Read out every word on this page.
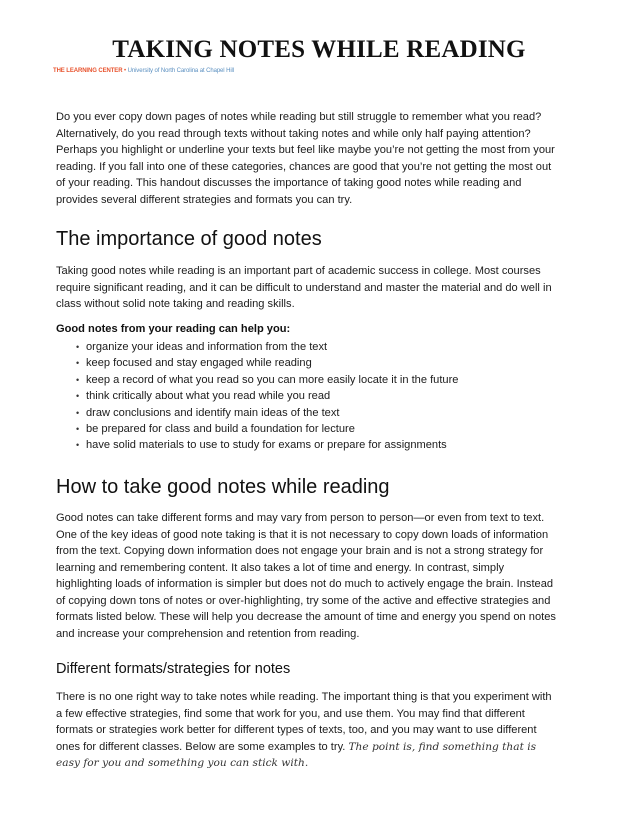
TAKING NOTES WHILE READING
THE LEARNING CENTER • University of North Carolina at Chapel Hill

Do you ever copy down pages of notes while reading but still struggle to remember what you read? Alternatively, do you read through texts without taking notes and while only half paying attention? Perhaps you highlight or underline your texts but feel like maybe you’re not getting the most from your reading. If you fall into one of these categories, chances are good that you’re not getting the most out of your reading. This handout discusses the importance of taking good notes while reading and provides several different strategies and formats you can try.

The importance of good notes

Taking good notes while reading is an important part of academic success in college. Most courses require significant reading, and it can be difficult to understand and master the material and do well in class without solid note taking and reading skills.

Good notes from your reading can help you:

• organize your ideas and information from the text
• keep focused and stay engaged while reading
• keep a record of what you read so you can more easily locate it in the future
• think critically about what you read while you read
• draw conclusions and identify main ideas of the text
• be prepared for class and build a foundation for lecture
• have solid materials to use to study for exams or prepare for assignments
How to take good notes while reading

Good notes can take different forms and may vary from person to person—or even from text to text. One of the key ideas of good note taking is that it is not necessary to copy down loads of information from the text. Copying down information does not engage your brain and is not a strong strategy for learning and remembering content. It also takes a lot of time and energy. In contrast, simply highlighting loads of information is simpler but does not do much to actively engage the brain. Instead of copying down tons of notes or over-highlighting, try some of the active and effective strategies and formats listed below. These will help you decrease the amount of time and energy you spend on notes and increase your comprehension and retention from reading.

Different formats/strategies for notes

There is no one right way to take notes while reading. The important thing is that you experiment with a few effective strategies, find some that work for you, and use them. You may find that different formats or strategies work better for different types of texts, too, and you may want to use different ones for different classes. Below are some examples to try. The point is, find something that is easy for you and something you can stick with.
